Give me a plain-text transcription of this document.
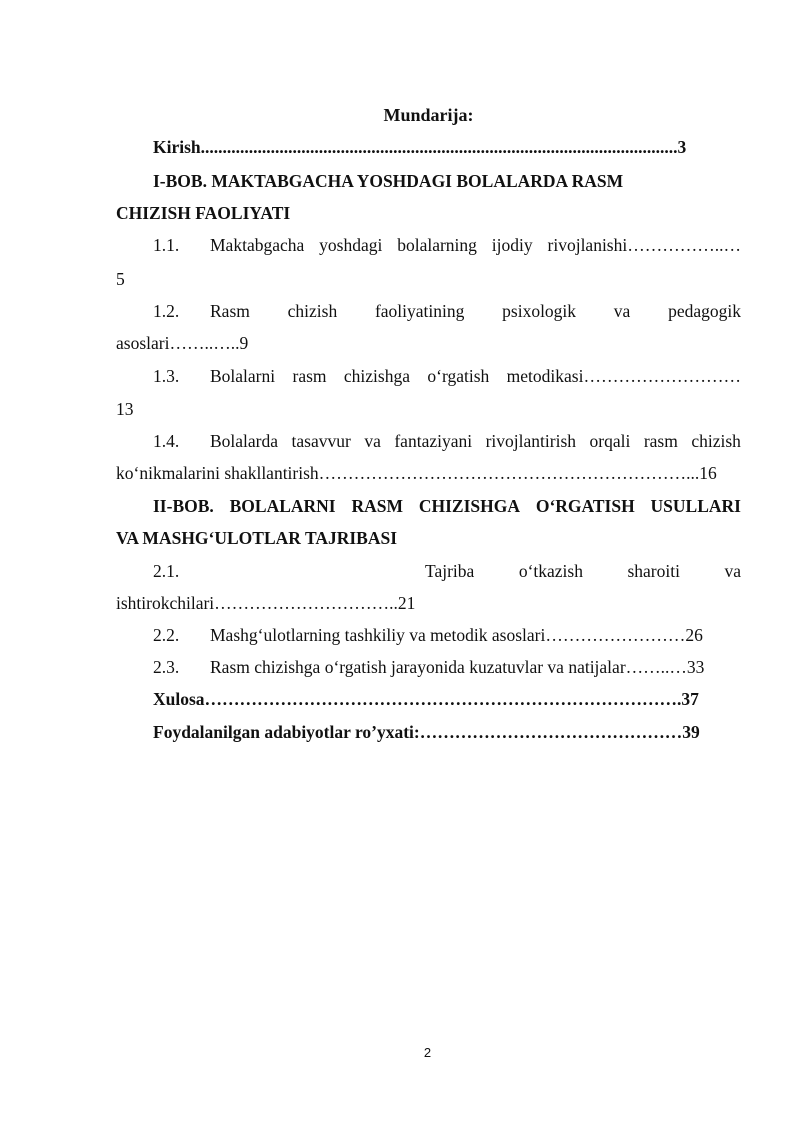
Mundarija:
Kirish.............................................................................................................3
I-BOB. MAKTABGACHA YOSHDAGI BOLALARDA RASM
CHIZISH FAOLIYATI
1.1. Maktabgacha yoshdagi bolalarning ijodiy rivojlanishi……………..…
5
1.2. Rasm chizish faoliyatining psixologik va pedagogik
asoslari……..…..9
1.3. Bolalarni rasm chizishga o‘rgatish metodikasi………………………
13
1.4. Bolalarda tasavvur va fantaziyani rivojlantirish orqali rasm chizish
ko‘nikmalarini shakllantirish………………………………………………………...16
II-BOB. BOLALARNI RASM CHIZISHGA O‘RGATISH USULLARI
VA MASHG‘ULOTLAR TAJRIBASI
2.1.	Tajriba	o‘tkazish	sharoiti	va
ishtirokchilari…………………………..21
2.2. Mashg‘ulotlarning tashkiliy va metodik asoslari……………………26
2.3. Rasm chizishga o‘rgatish jarayonida kuzatuvlar va natijalar……..…33
Xulosa……………………………………………………………………….37
Foydalanilgan adabiyotlar ro’yxati:………………………………………39
2
